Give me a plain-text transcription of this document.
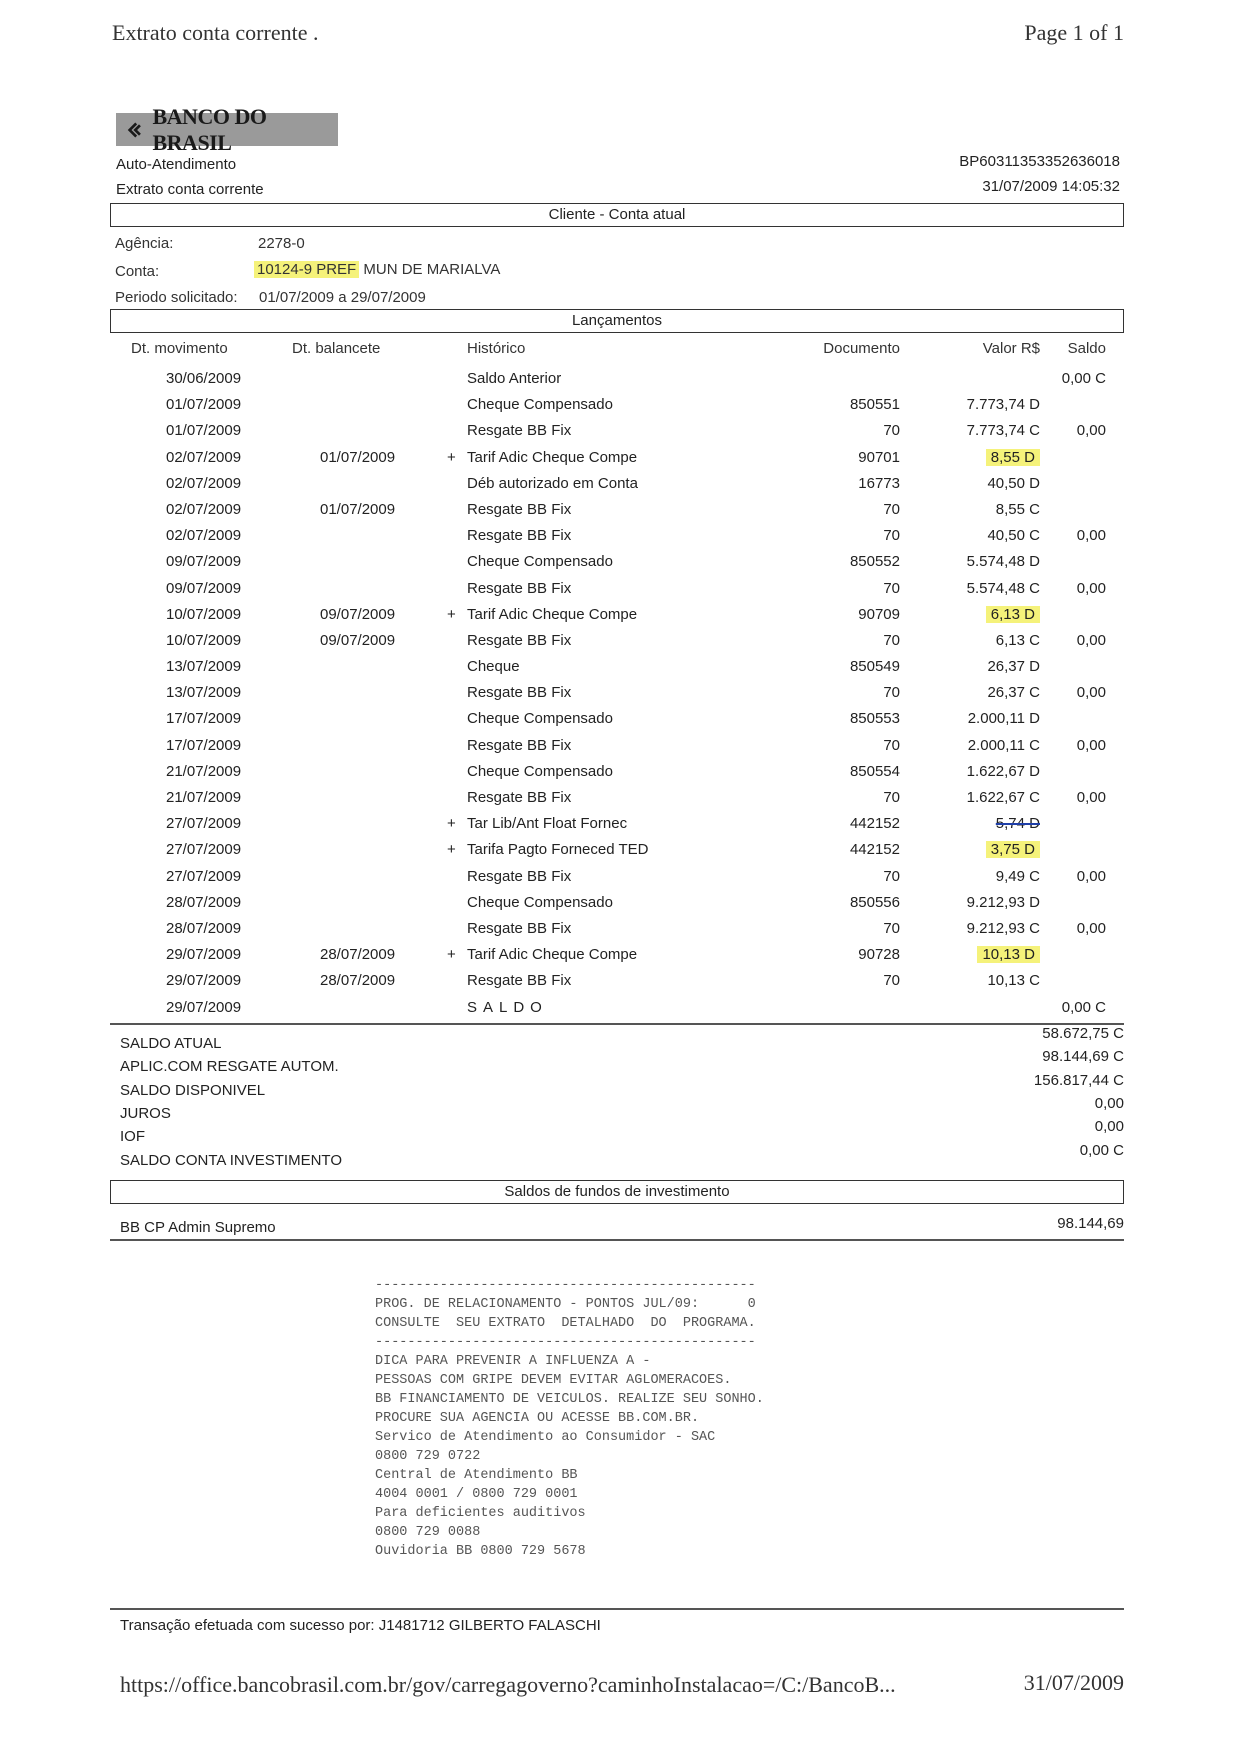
Extrato conta corrente .	Page 1 of 1
BANCO DO BRASIL
Auto-Atendimento
Extrato conta corrente
BP60311353352636018
31/07/2009 14:05:32
Cliente - Conta atual
Agência:	2278-0
Conta:	10124-9 PREF MUN DE MARIALVA
Periodo solicitado: 01/07/2009 a 29/07/2009
Lançamentos
Dt. movimento	Dt. balancete	Histórico	Documento	Valor R$ Saldo
30/06/2009	Saldo Anterior	0,00 C
01/07/2009	Cheque Compensado	850551	7.773,74 D
01/07/2009	Resgate BB Fix	70	7.773,74 C 0,00
02/07/2009	01/07/2009	+ Tarif Adic Cheque Compe	90701	8,55 D
02/07/2009	Déb autorizado em Conta	16773	40,50 D
02/07/2009	01/07/2009	Resgate BB Fix	70	8,55 C
02/07/2009	Resgate BB Fix	70	40,50 C 0,00
09/07/2009	Cheque Compensado	850552	5.574,48 D
09/07/2009	Resgate BB Fix	70	5.574,48 C 0,00
10/07/2009	09/07/2009	+ Tarif Adic Cheque Compe	90709	6,13 D
10/07/2009	09/07/2009	Resgate BB Fix	70	6,13 C 0,00
13/07/2009	Cheque	850549	26,37 D
13/07/2009	Resgate BB Fix	70	26,37 C 0,00
17/07/2009	Cheque Compensado	850553	2.000,11 D
17/07/2009	Resgate BB Fix	70	2.000,11 C 0,00
21/07/2009	Cheque Compensado	850554	1.622,67 D
21/07/2009	Resgate BB Fix	70	1.622,67 C 0,00
27/07/2009	+ Tar Lib/Ant Float Fornec	442152	5,74 D
27/07/2009	+ Tarifa Pagto Forneced TED	442152	3,75 D
27/07/2009	Resgate BB Fix	70	9,49 C 0,00
28/07/2009	Cheque Compensado	850556	9.212,93 D
28/07/2009	Resgate BB Fix	70	9.212,93 C 0,00
29/07/2009	28/07/2009	+ Tarif Adic Cheque Compe	90728	10,13 D
29/07/2009	28/07/2009	Resgate BB Fix	70	10,13 C
29/07/2009	SALDO	0,00 C
SALDO ATUAL
58.672,75 C
APLIC.COM RESGATE AUTOM.
98.144,69 C
SALDO DISPONIVEL
156.817,44 C
JUROS
0,00
IOF
0,00
SALDO CONTA INVESTIMENTO
0,00 C
Saldos de fundos de investimento
BB CP Admin Supremo	98.144,69
-----------------------------------------------
PROG. DE RELACIONAMENTO - PONTOS JUL/09:      0
CONSULTE  SEU EXTRATO  DETALHADO  DO  PROGRAMA.
-----------------------------------------------
DICA PARA PREVENIR A INFLUENZA A -
PESSOAS COM GRIPE DEVEM EVITAR AGLOMERACOES.
BB FINANCIAMENTO DE VEICULOS. REALIZE SEU SONHO.
PROCURE SUA AGENCIA OU ACESSE BB.COM.BR.
Servico de Atendimento ao Consumidor - SAC
0800 729 0722
Central de Atendimento BB
4004 0001 / 0800 729 0001
Para deficientes auditivos
0800 729 0088
Ouvidoria BB 0800 729 5678
Transação efetuada com sucesso por: J1481712 GILBERTO FALASCHI
https://office.bancobrasil.com.br/gov/carregagoverno?caminhoInstalacao=/C:/BancoB...	31/07/2009
